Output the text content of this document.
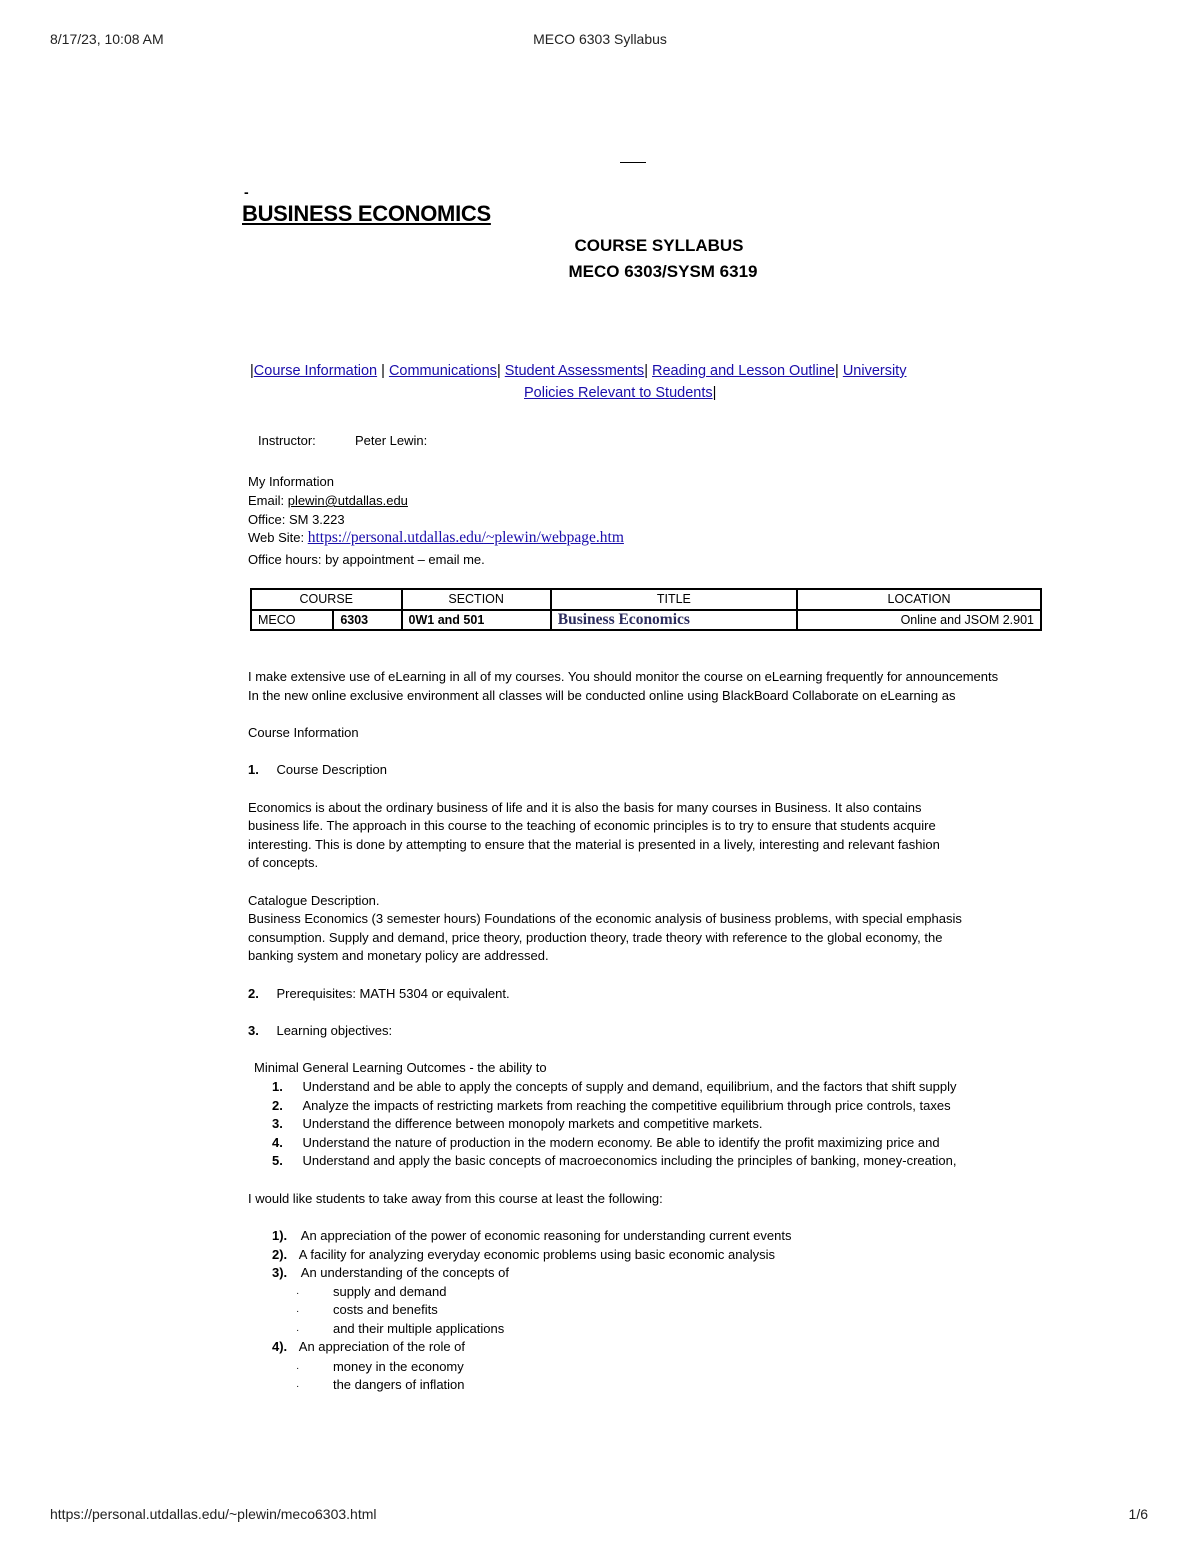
8/17/23, 10:08 AM	MECO 6303 Syllabus
-
BUSINESS ECONOMICS
COURSE SYLLABUS
MECO 6303/SYSM 6319
|Course Information | Communications| Student Assessments| Reading and Lesson Outline| University
Policies Relevant to Students|
Instructor:	Peter Lewin:
My Information
Email: plewin@utdallas.edu
Office: SM 3.223
Web Site: https://personal.utdallas.edu/~plewin/webpage.htm
Office hours: by appointment – email me.
COURSE		SECTION	TITLE	LOCATION
MECO	6303	0W1 and 501	Business Economics	Online and JSOM 2.901
I make extensive use of eLearning in all of my courses. You should monitor the course on eLearning frequently for announcements
In the new online exclusive environment all classes will be conducted online using BlackBoard Collaborate on eLearning as
Course Information
1. Course Description
Economics is about the ordinary business of life and it is also the basis for many courses in Business. It also contains
business life. The approach in this course to the teaching of economic principles is to try to ensure that students acquire
interesting. This is done by attempting to ensure that the material is presented in a lively, interesting and relevant fashion
of concepts.
Catalogue Description.
Business Economics (3 semester hours) Foundations of the economic analysis of business problems, with special emphasis
consumption. Supply and demand, price theory, production theory, trade theory with reference to the global economy, the
banking system and monetary policy are addressed.
2. Prerequisites: MATH 5304 or equivalent.
3. Learning objectives:
Minimal General Learning Outcomes - the ability to
1. Understand and be able to apply the concepts of supply and demand, equilibrium, and the factors that shift supply
2. Analyze the impacts of restricting markets from reaching the competitive equilibrium through price controls, taxes
3. Understand the difference between monopoly markets and competitive markets.
4. Understand the nature of production in the modern economy. Be able to identify the profit maximizing price and
5. Understand and apply the basic concepts of macroeconomics including the principles of banking, money-creation,
I would like students to take away from this course at least the following:
1). An appreciation of the power of economic reasoning for understanding current events
2). A facility for analyzing everyday economic problems using basic economic analysis
3). An understanding of the concepts of
·	supply and demand
·	costs and benefits
·	and their multiple applications
4). An appreciation of the role of
·	money in the economy
·	the dangers of inflation
https://personal.utdallas.edu/~plewin/meco6303.html	1/6
